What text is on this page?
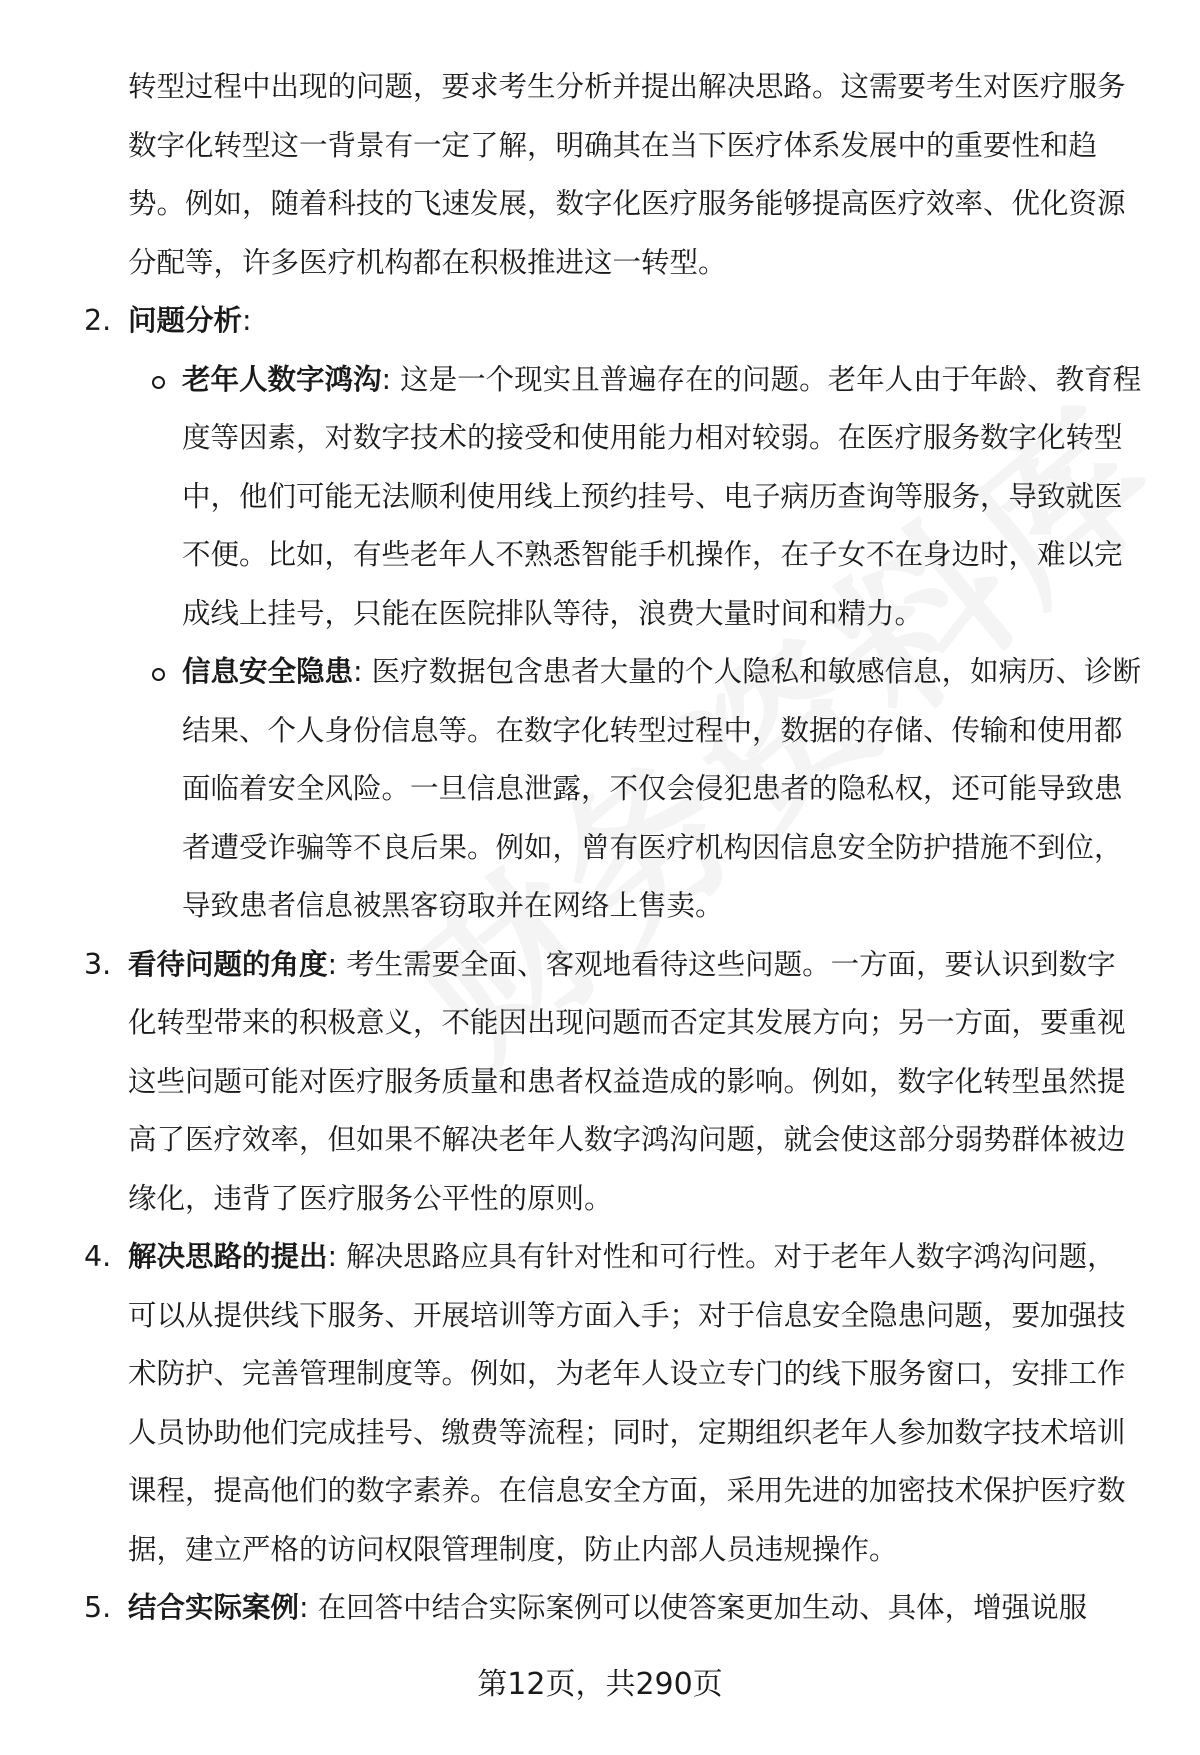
转型过程中出现的问题，要求考生分析并提出解决思路。这需要考生对医疗服务数字化转型这一背景有一定了解，明确其在当下医疗体系发展中的重要性和趋势。例如，随着科技的飞速发展，数字化医疗服务能够提高医疗效率、优化资源分配等，许多医疗机构都在积极推进这一转型。
2. 问题分析:
老年人数字鸿沟: 这是一个现实且普遍存在的问题。老年人由于年龄、教育程度等因素，对数字技术的接受和使用能力相对较弱。在医疗服务数字化转型中，他们可能无法顺利使用线上预约挂号、电子病历查询等服务，导致就医不便。比如，有些老年人不熟悉智能手机操作，在子女不在身边时，难以完成线上挂号，只能在医院排队等待，浪费大量时间和精力。
信息安全隐患: 医疗数据包含患者大量的个人隐私和敏感信息，如病历、诊断结果、个人身份信息等。在数字化转型过程中，数据的存储、传输和使用都面临着安全风险。一旦信息泄露，不仅会侵犯患者的隐私权，还可能导致患者遭受诈骗等不良后果。例如，曾有医疗机构因信息安全防护措施不到位，导致患者信息被黑客窃取并在网络上售卖。
3. 看待问题的角度: 考生需要全面、客观地看待这些问题。一方面，要认识到数字化转型带来的积极意义，不能因出现问题而否定其发展方向；另一方面，要重视这些问题可能对医疗服务质量和患者权益造成的影响。例如，数字化转型虽然提高了医疗效率，但如果不解决老年人数字鸿沟问题，就会使这部分弱势群体被边缘化，违背了医疗服务公平性的原则。
4. 解决思路的提出: 解决思路应具有针对性和可行性。对于老年人数字鸿沟问题，可以从提供线下服务、开展培训等方面入手；对于信息安全隐患问题，要加强技术防护、完善管理制度等。例如，为老年人设立专门的线下服务窗口，安排工作人员协助他们完成挂号、缴费等流程；同时，定期组织老年人参加数字技术培训课程，提高他们的数字素养。在信息安全方面，采用先进的加密技术保护医疗数据，建立严格的访问权限管理制度，防止内部人员违规操作。
5. 结合实际案例: 在回答中结合实际案例可以使答案更加生动、具体，增强说服
第12页，共290页
